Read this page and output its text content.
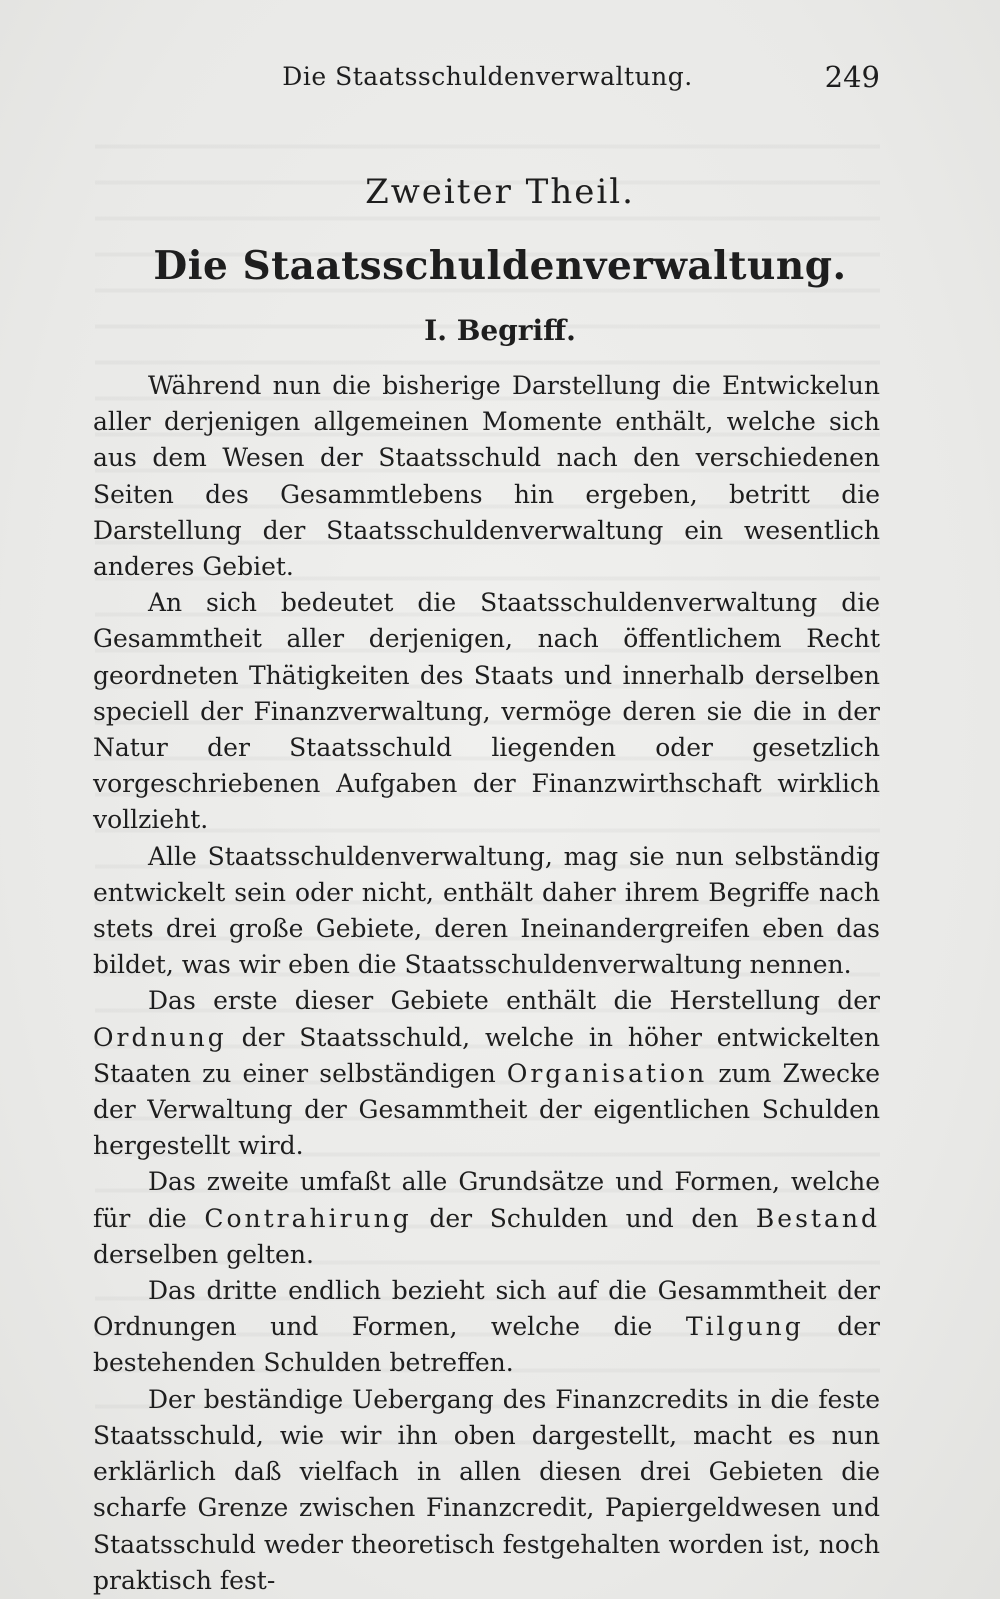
Die Staatsschuldenverwaltung.	249
Zweiter Theil.
Die Staatsschuldenverwaltung.
I. Begriff.

Während nun die bisherige Darstellung die Entwickelun aller derjenigen allgemeinen Momente enthält, welche sich aus dem Wesen der Staatsschuld nach den verschiedenen Seiten des Gesammtlebens hin ergeben, betritt die Darstellung der Staatsschuldenverwaltung ein wesentlich anderes Gebiet.

An sich bedeutet die Staatsschuldenverwaltung die Gesammtheit aller derjenigen, nach öffentlichem Recht geordneten Thätigkeiten des Staats und innerhalb derselben speciell der Finanzverwaltung, vermöge deren sie die in der Natur der Staatsschuld liegenden oder gesetzlich vorgeschriebenen Aufgaben der Finanzwirthschaft wirklich vollzieht.

Alle Staatsschuldenverwaltung, mag sie nun selbständig entwickelt sein oder nicht, enthält daher ihrem Begriffe nach stets drei große Gebiete, deren Ineinandergreifen eben das bildet, was wir eben die Staatsschuldenverwaltung nennen.

Das erste dieser Gebiete enthält die Herstellung der Ordnung der Staatsschuld, welche in höher entwickelten Staaten zu einer selbständigen Organisation zum Zwecke der Verwaltung der Gesammtheit der eigentlichen Schulden hergestellt wird.

Das zweite umfaßt alle Grundsätze und Formen, welche für die Contrahirung der Schulden und den Bestand derselben gelten.

Das dritte endlich bezieht sich auf die Gesammtheit der Ordnungen und Formen, welche die Tilgung der bestehenden Schulden betreffen.

Der beständige Uebergang des Finanzcredits in die feste Staatsschuld, wie wir ihn oben dargestellt, macht es nun erklärlich daß vielfach in allen diesen drei Gebieten die scharfe Grenze zwischen Finanzcredit, Papiergeldwesen und Staatsschuld weder theoretisch festgehalten worden ist, noch praktisch fest-
